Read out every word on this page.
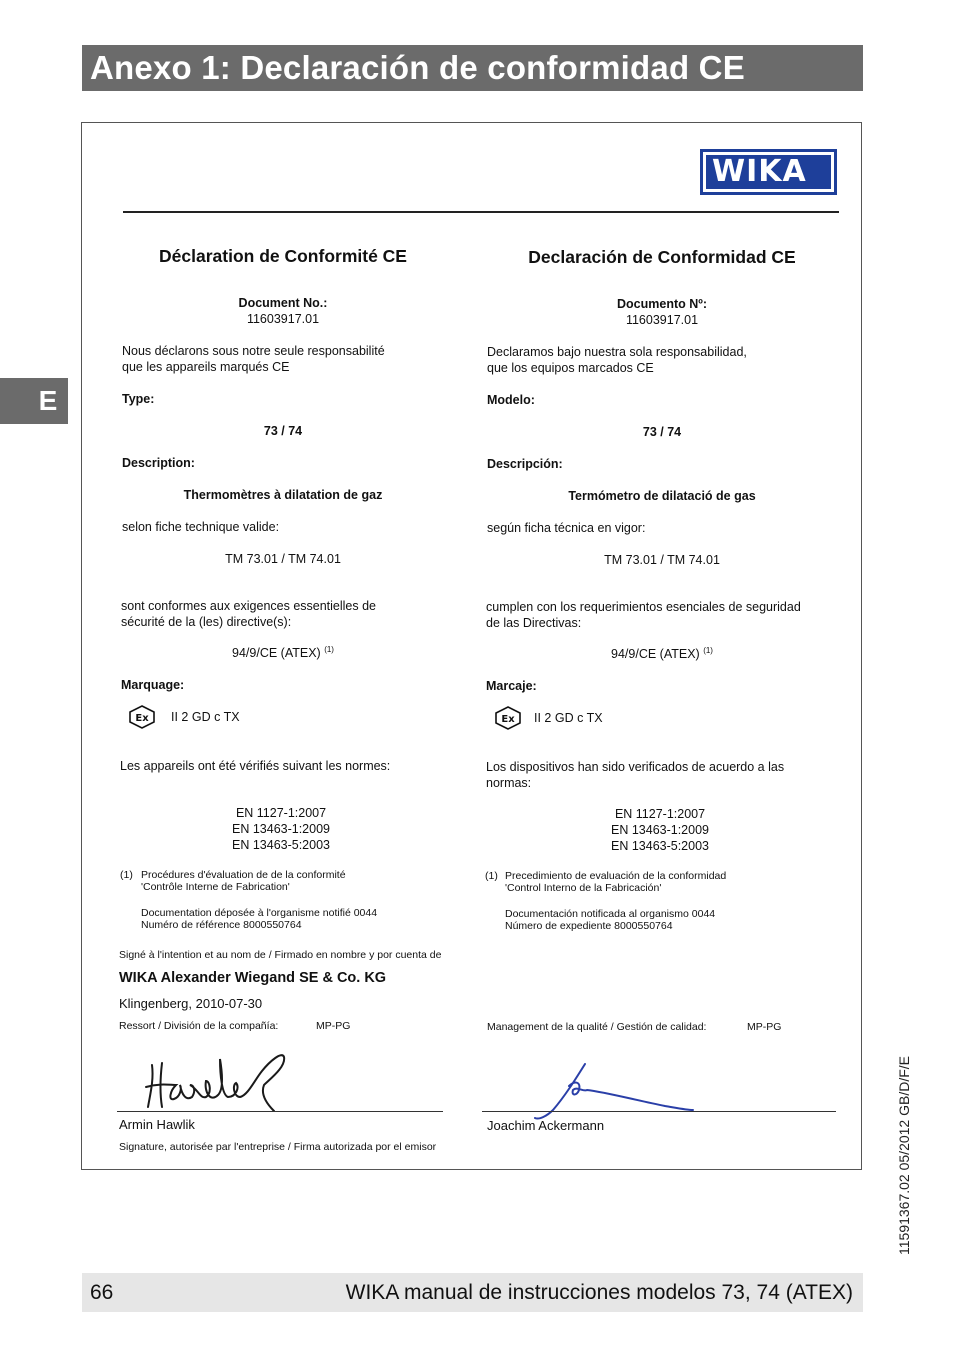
Anexo 1: Declaración de conformidad CE
E
WIKA
Déclaration de Conformité CE
Document No.:
11603917.01
Nous déclarons sous notre seule responsabilité
que les appareils marqués CE
Type:
73 / 74
Description:
Thermomètres à dilatation de gaz
selon fiche technique valide:
TM 73.01 / TM 74.01
sont conformes aux exigences essentielles de
sécurité de la (les) directive(s):
94/9/CE (ATEX) $^{(1)}$
Marquage:
Ex II 2 GD c TX
Les appareils ont été vérifiés suivant les normes:
EN 1127-1:2007
EN 13463-1:2009
EN 13463-5:2003
(1) Procédures d'évaluation de de la conformité
'Contrôle Interne de Fabrication'
Documentation déposée à l'organisme notifié 0044
Numéro de référence 8000550764
Declaración de Conformidad CE
Documento Nº:
11603917.01
Declaramos bajo nuestra sola responsabilidad,
que los equipos marcados CE
Modelo:
73 / 74
Descripción:
Termómetro de dilatació de gas
según ficha técnica en vigor:
TM 73.01 / TM 74.01
cumplen con los requerimientos esenciales de seguridad
de las Directivas:
94/9/CE (ATEX) $^{(1)}$
Marcaje:
Ex II 2 GD c TX
Los dispositivos han sido verificados de acuerdo a las
normas:
EN 1127-1:2007
EN 13463-1:2009
EN 13463-5:2003
(1) Precedimiento de evaluación de la conformidad
'Control Interno de la Fabricación'
Documentación notificada al organismo 0044
Número de expediente 8000550764
Signé à l'intention et au nom de / Firmado en nombre y por cuenta de
WIKA Alexander Wiegand SE & Co. KG
Klingenberg, 2010-07-30
Ressort / División de la compañía:	MP-PG	Management de la qualité / Gestión de calidad:	MP-PG
Armin Hawlik	Joachim Ackermann
Signature, autorisée par l'entreprise / Firma autorizada por el emisor	11591367.02 05/2012 GB/D/F/E
66	WIKA manual de instrucciones modelos 73, 74 (ATEX)
